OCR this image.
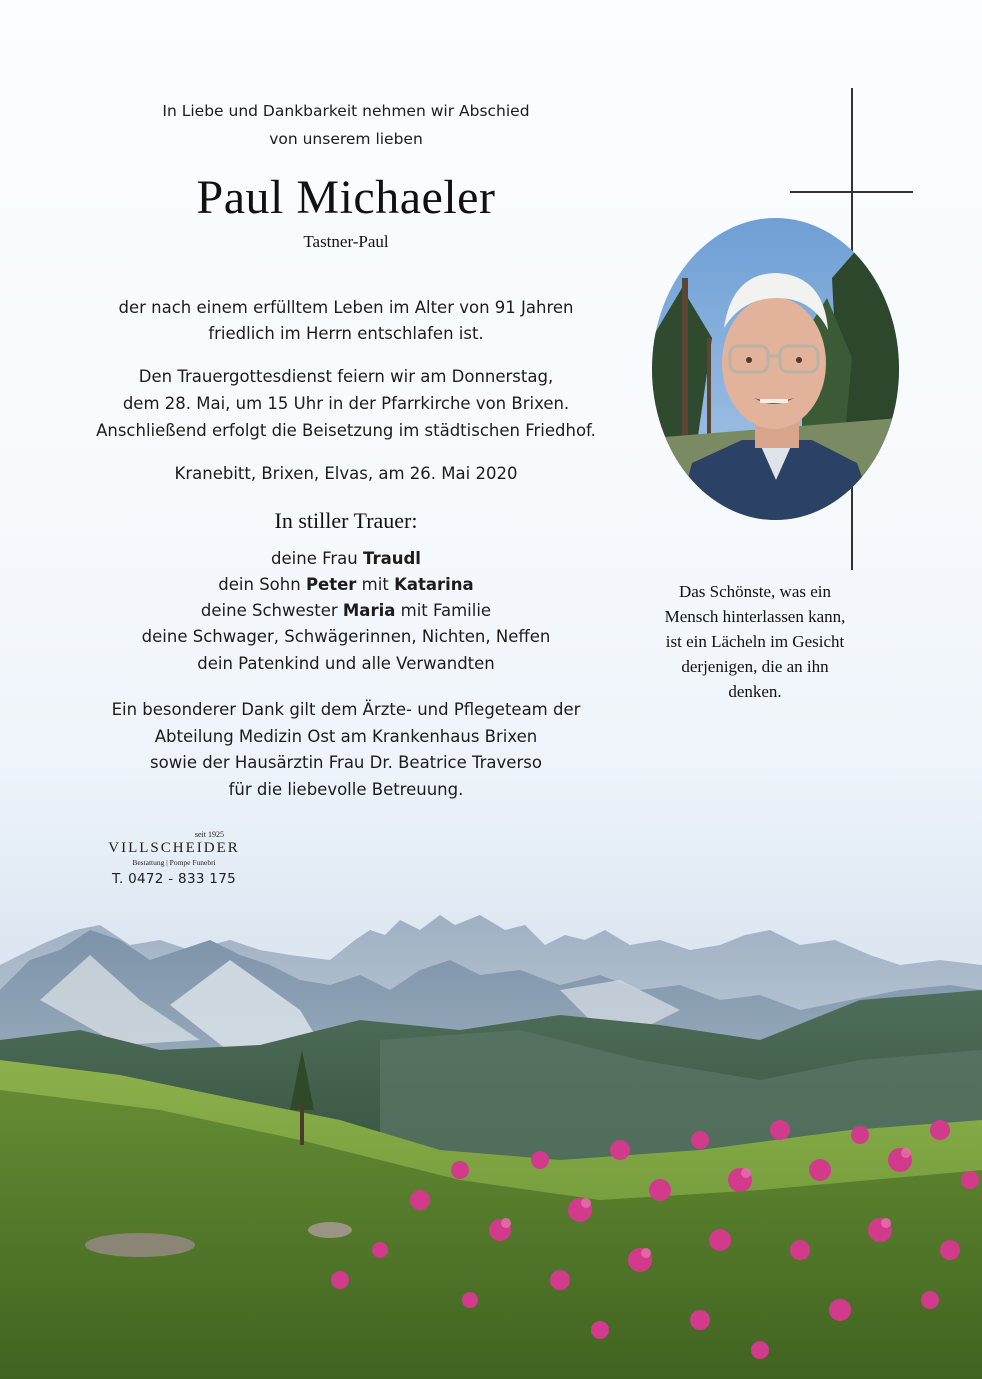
In Liebe und Dankbarkeit nehmen wir Abschied
von unserem lieben
Paul Michaeler
Tastner-Paul
der nach einem erfülltem Leben im Alter von 91 Jahren
friedlich im Herrn entschlafen ist.
Den Trauergottesdienst feiern wir am Donnerstag,
dem 28. Mai, um 15 Uhr in der Pfarrkirche von Brixen.
Anschließend erfolgt die Beisetzung im städtischen Friedhof.
Kranebitt, Brixen, Elvas, am 26. Mai 2020
In stiller Trauer:
deine Frau Traudl
dein Sohn Peter mit Katarina
deine Schwester Maria mit Familie
deine Schwager, Schwägerinnen, Nichten, Neffen
dein Patenkind und alle Verwandten
Ein besonderer Dank gilt dem Ärzte- und Pflegeteam der
Abteilung Medizin Ost am Krankenhaus Brixen
sowie der Hausärztin Frau Dr. Beatrice Traverso
für die liebevolle Betreuung.
Das Schönste, was ein
Mensch hinterlassen kann,
ist ein Lächeln im Gesicht
derjenigen, die an ihn
denken.
seit 1925
VILLSCHEIDER
Bestattung | Pompe Funebri
T. 0472 - 833 175
